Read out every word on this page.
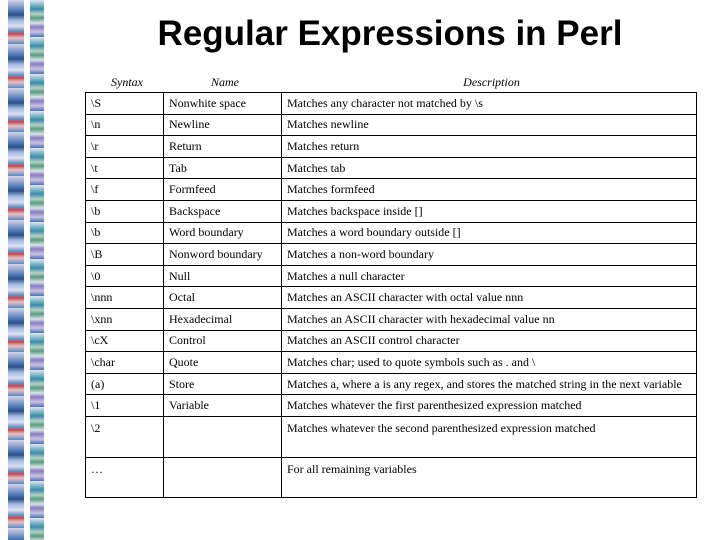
Regular Expressions in Perl
Syntax	Name	Description
\S	Nonwhite space	Matches any character not matched by \s
\n	Newline	Matches newline
\r	Return	Matches return
\t	Tab	Matches tab
\f	Formfeed	Matches formfeed
\b	Backspace	Matches backspace inside []
\b	Word boundary	Matches a word boundary outside []
\B	Nonword boundary	Matches a non-word boundary
\0	Null	Matches a null character
\nnn	Octal	Matches an ASCII character with octal value nnn
\xnn	Hexadecimal	Matches an ASCII character with hexadecimal value nn
\cX	Control	Matches an ASCII control character
\char	Quote	Matches char; used to quote symbols such as . and \
(a)	Store	Matches a, where a is any regex, and stores the matched string in the next variable
\1	Variable	Matches whatever the first parenthesized expression matched
\2		Matches whatever the second parenthesized expression matched
…		For all remaining variables
